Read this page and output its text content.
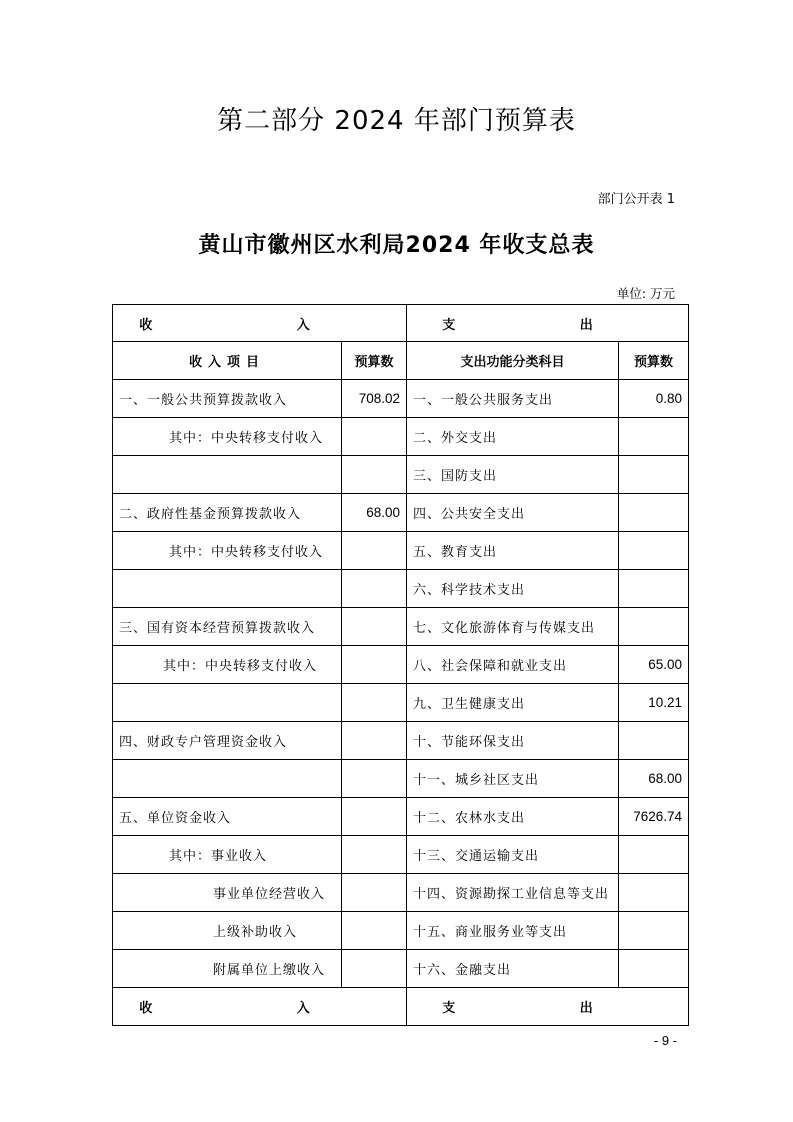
第二部分 2024 年部门预算表
部门公开表 1
黄山市徽州区水利局2024 年收支总表
单位: 万元
收 入		支 出	
收入项目	预算数	支出功能分类科目	预算数
一、一般公共预算拨款收入	708.02	一、一般公共服务支出	0.80
其中：中央转移支付收入		二、外交支出	
		三、国防支出	
二、政府性基金预算拨款收入	68.00	四、公共安全支出	
其中：中央转移支付收入		五、教育支出	
		六、科学技术支出	
三、国有资本经营预算拨款收入		七、文化旅游体育与传媒支出	
其中：中央转移支付收入		八、社会保障和就业支出	65.00
		九、卫生健康支出	10.21
四、财政专户管理资金收入		十、节能环保支出	
		十一、城乡社区支出	68.00
五、单位资金收入		十二、农林水支出	7626.74
其中：事业收入		十三、交通运输支出	
事业单位经营收入		十四、资源勘探工业信息等支出	
上级补助收入		十五、商业服务业等支出	
附属单位上缴收入		十六、金融支出	
收 入		支 出	
- 9 -
